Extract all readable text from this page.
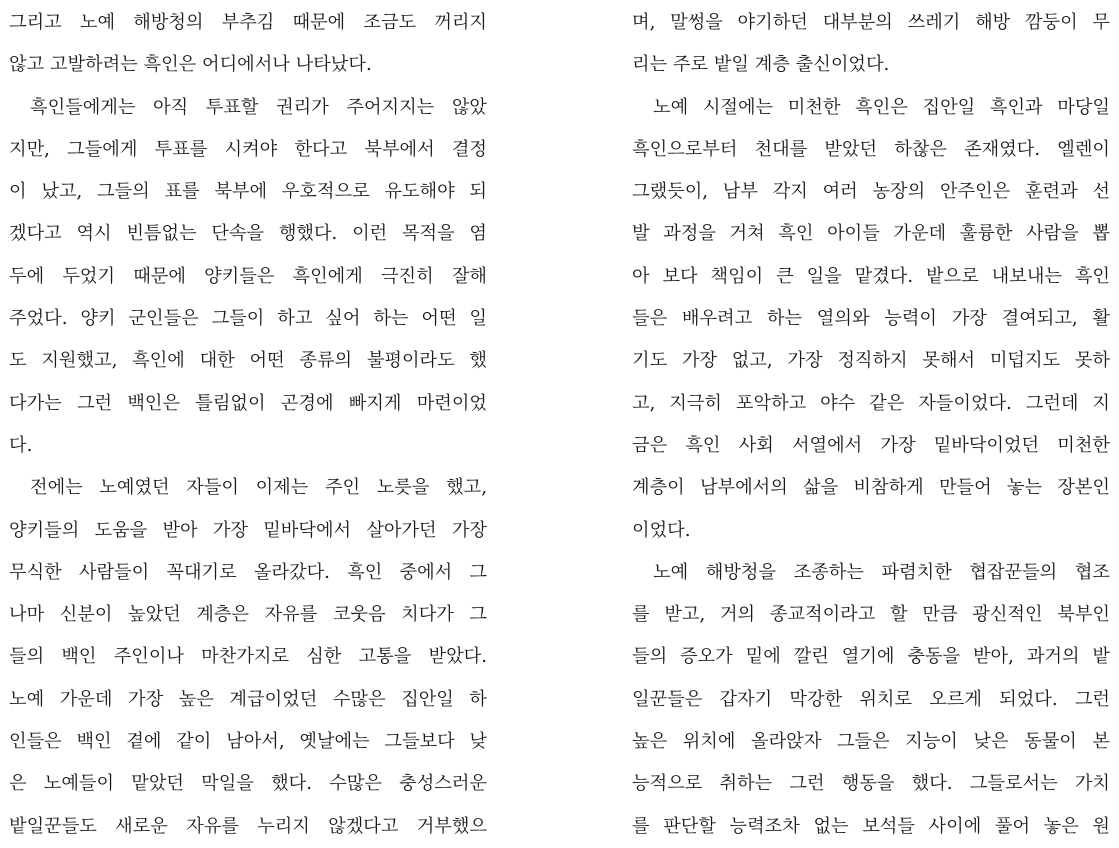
그리고 노예 해방청의 부추김 때문에 조금도 꺼리지
않고 고발하려는 흑인은 어디에서나 나타났다.
흑인들에게는 아직 투표할 권리가 주어지지는 않았
지만, 그들에게 투표를 시켜야 한다고 북부에서 결정
이 났고, 그들의 표를 북부에 우호적으로 유도해야 되
겠다고 역시 빈틈없는 단속을 행했다. 이런 목적을 염
두에 두었기 때문에 양키들은 흑인에게 극진히 잘해
주었다. 양키 군인들은 그들이 하고 싶어 하는 어떤 일
도 지원했고, 흑인에 대한 어떤 종류의 불평이라도 했
다가는 그런 백인은 틀림없이 곤경에 빠지게 마련이었
다.
전에는 노예였던 자들이 이제는 주인 노릇을 했고,
양키들의 도움을 받아 가장 밑바닥에서 살아가던 가장
무식한 사람들이 꼭대기로 올라갔다. 흑인 중에서 그
나마 신분이 높았던 계층은 자유를 코웃음 치다가 그
들의 백인 주인이나 마찬가지로 심한 고통을 받았다.
노예 가운데 가장 높은 계급이었던 수많은 집안일 하
인들은 백인 곁에 같이 남아서, 옛날에는 그들보다 낮
은 노예들이 맡았던 막일을 했다. 수많은 충성스러운
밭일꾼들도 새로운 자유를 누리지 않겠다고 거부했으
며, 말썽을 야기하던 대부분의 쓰레기 해방 깜둥이 무
리는 주로 밭일 계층 출신이었다.
노예 시절에는 미천한 흑인은 집안일 흑인과 마당일
흑인으로부터 천대를 받았던 하찮은 존재였다. 엘렌이
그랬듯이, 남부 각지 여러 농장의 안주인은 훈련과 선
발 과정을 거쳐 흑인 아이들 가운데 훌륭한 사람을 뽑
아 보다 책임이 큰 일을 맡겼다. 밭으로 내보내는 흑인
들은 배우려고 하는 열의와 능력이 가장 결여되고, 활
기도 가장 없고, 가장 정직하지 못해서 미덥지도 못하
고, 지극히 포악하고 야수 같은 자들이었다. 그런데 지
금은 흑인 사회 서열에서 가장 밑바닥이었던 미천한
계층이 남부에서의 삶을 비참하게 만들어 놓는 장본인
이었다.
노예 해방청을 조종하는 파렴치한 협잡꾼들의 협조
를 받고, 거의 종교적이라고 할 만큼 광신적인 북부인
들의 증오가 밑에 깔린 열기에 충동을 받아, 과거의 밭
일꾼들은 갑자기 막강한 위치로 오르게 되었다. 그런
높은 위치에 올라앉자 그들은 지능이 낮은 동물이 본
능적으로 취하는 그런 행동을 했다. 그들로서는 가치
를 판단할 능력조차 없는 보석들 사이에 풀어 놓은 원
